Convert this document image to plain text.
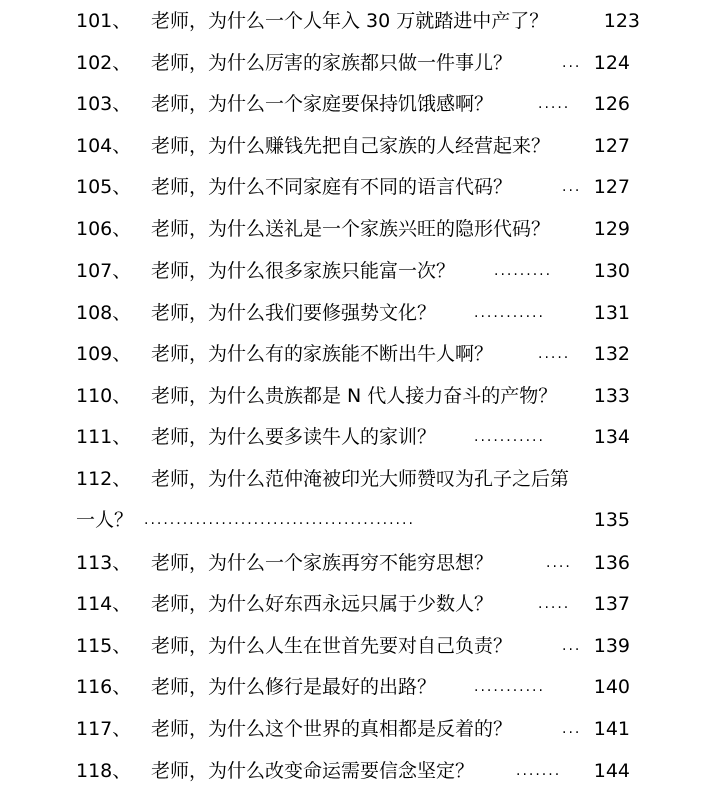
101、 老师，为什么一个人年入 30 万就踏进中产了？	123
102、 老师，为什么厉害的家族都只做一件事儿？	... 124
103、 老师，为什么一个家庭要保持饥饿感啊？	..... 126
104、 老师，为什么赚钱先把自己家族的人经营起来？ 127
105、 老师，为什么不同家庭有不同的语言代码？	... 127
106、 老师，为什么送礼是一个家族兴旺的隐形代码？ 129
107、 老师，为什么很多家族只能富一次？	......... 130
108、 老师，为什么我们要修强势文化？	...........	131
109、 老师，为什么有的家族能不断出牛人啊？	..... 132
110、 老师，为什么贵族都是 N 代人接力奋斗的产物？ 133
111、 老师，为什么要多读牛人的家训？	...........	134
112、 老师，为什么范仲淹被印光大师赞叹为孔子之后第
一人？ ..........................................	135
113、 老师，为什么一个家族再穷不能穷思想？	.... 136
114、 老师，为什么好东西永远只属于少数人？	..... 137
115、 老师，为什么人生在世首先要对自己负责？	... 139
116、 老师，为什么修行是最好的出路？	...........	140
117、 老师，为什么这个世界的真相都是反着的？	... 141
118、 老师，为什么改变命运需要信念坚定？	....... 144
